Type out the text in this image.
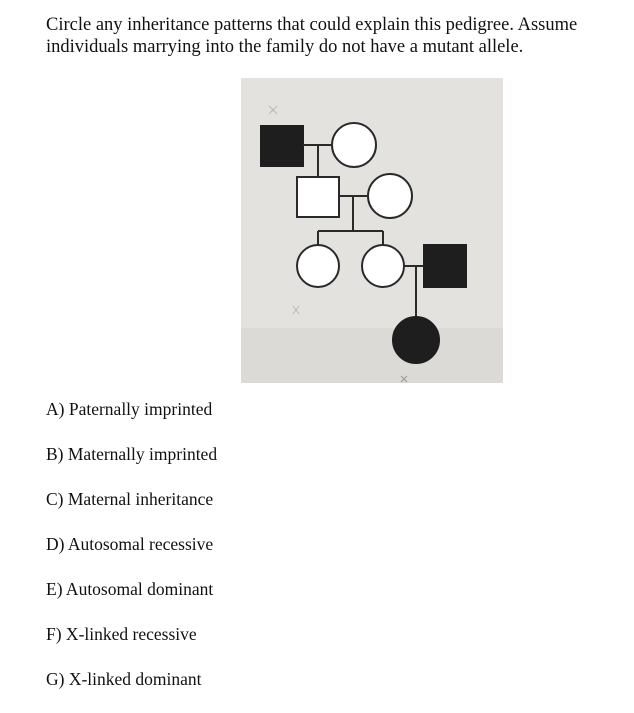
Circle any inheritance patterns that could explain this pedigree. Assume
individuals marrying into the family do not have a mutant allele.

A) Paternally imprinted
B) Maternally imprinted
C) Maternal inheritance
D) Autosomal recessive
E) Autosomal dominant
F) X-linked recessive
G) X-linked dominant
